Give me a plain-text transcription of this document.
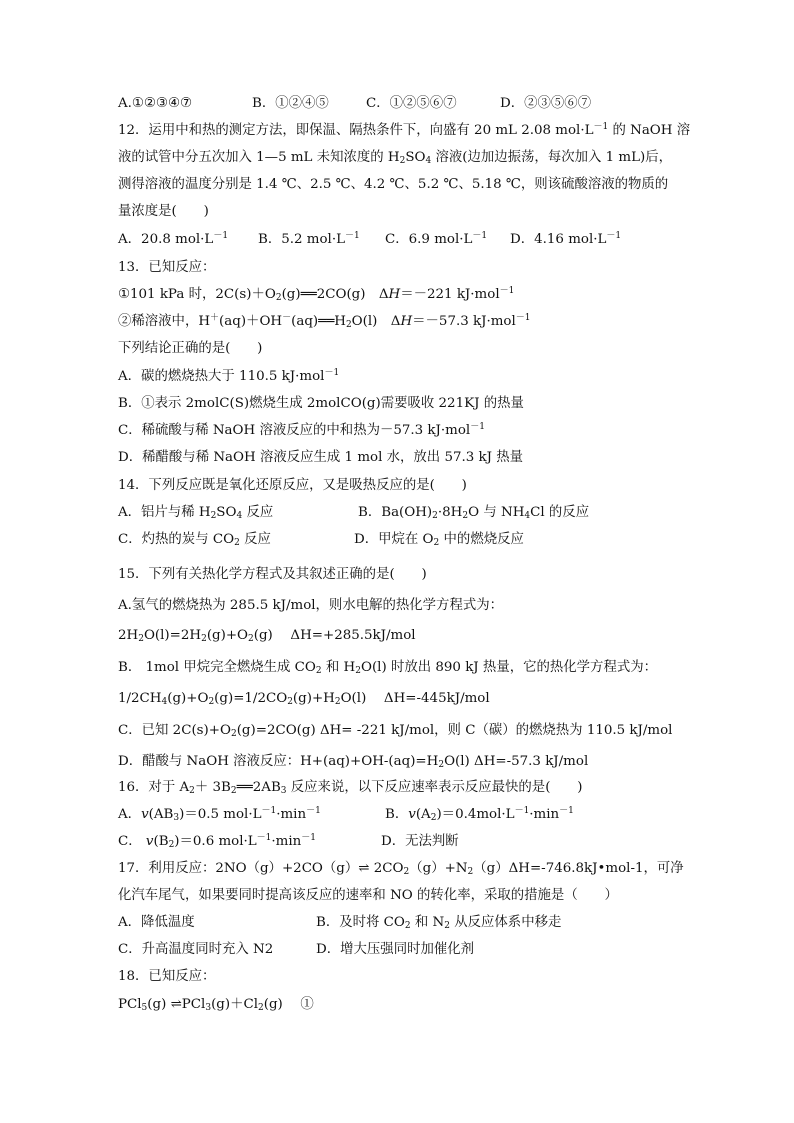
A.①②③④⑦	B．①②④⑤	C．①②⑤⑥⑦	D．②③⑤⑥⑦
12．运用中和热的测定方法，即保温、隔热条件下，向盛有 20 mL 2.08 $mol\cdot L^{-1}$ 的 NaOH 溶
液的试管中分五次加入 1—5 mL 未知浓度的 $H_2SO_4$ 溶液(边加边振荡，每次加入 1 mL)后，
测得溶液的温度分别是 1.4 ℃、2.5 ℃、4.2 ℃、5.2 ℃、5.18 ℃，则该硫酸溶液的物质的
量浓度是(　　)
A．20.8 $mol\cdot L^{-1}$ B．5.2 $mol\cdot L^{-1}$ C．6.9 $mol\cdot L^{-1}$ D．4.16 $mol\cdot L^{-1}$
13．已知反应：
①101 kPa 时，$2C(s)+O_2(g)══2CO(g)$　ΔH＝－221 kJ·mol$^{-1}$
②稀溶液中，$H^+(aq)+OH^-(aq)══H_2O(l)$　ΔH＝－57.3 kJ·mol$^{-1}$
下列结论正确的是(　　)
A．碳的燃烧热大于 110.5 kJ·mol$^{-1}$
B．①表示 2molC(S)燃烧生成 2molCO(g)需要吸收 221KJ 的热量
C．稀硫酸与稀 NaOH 溶液反应的中和热为－57.3 kJ·mol$^{-1}$
D．稀醋酸与稀 NaOH 溶液反应生成 1 mol 水，放出 57.3 kJ 热量
14．下列反应既是氧化还原反应，又是吸热反应的是(　　)
A．铝片与稀 $H_2SO_4$ 反应	B．$Ba(OH)_2\cdot 8H_2O$ 与 $NH_4Cl$ 的反应
C．灼热的炭与 $CO_2$ 反应	D．甲烷在 $O_2$ 中的燃烧反应
15．下列有关热化学方程式及其叙述正确的是(　　)
A.氢气的燃烧热为 285.5 kJ/mol，则水电解的热化学方程式为：
$2H_2O(l)=2H_2(g)+O_2(g)$　 ΔH=+285.5kJ/mol
B． 1mol 甲烷完全燃烧生成 $CO_2$ 和 $H_2O(l)$ 时放出 890 kJ 热量，它的热化学方程式为：
$1/2CH_4(g)+O_2(g)=1/2CO_2(g)+H_2O(l)$　 ΔH=-445kJ/mol
C．已知 $2C(s)+O_2(g)=2CO(g)$ ΔH= -221 kJ/mol，则 C（碳）的燃烧热为 110.5 kJ/mol
D．醋酸与 NaOH 溶液反应：$H+(aq)+OH-(aq)=H_2O(l)$ ΔH=-57.3 kJ/mol
16．对于 $A_2+$ $3B_2══2AB_3$ 反应来说，以下反应速率表示反应最快的是(　　)
A．$v(AB_3)=0.5$ $mol\cdot L^{-1}\cdot\min^{-1}$	B．$v(A_2)=0.4mol\cdot L^{-1}\cdot\min^{-1}$
C． $v(B_2)=0.6$ $mol\cdot L^{-1}\cdot\min^{-1}$	D．无法判断
17．利用反应：2NO（g）+2CO（g）⇌ $2CO_2(g)+N_2(g)\Delta H=-746.8kJ•mol-1$，可净
化汽车尾气，如果要同时提高该反应的速率和 NO 的转化率，采取的措施是（　　）
A．降低温度	B．及时将 $CO_2$ 和 $N_2$ 从反应体系中移走
C．升高温度同时充入 N2	D．增大压强同时加催化剂
18．已知反应：
PCl$_5$(g) $\rightleftharpoons PCl_3(g)+Cl_2(g)$　 ①
